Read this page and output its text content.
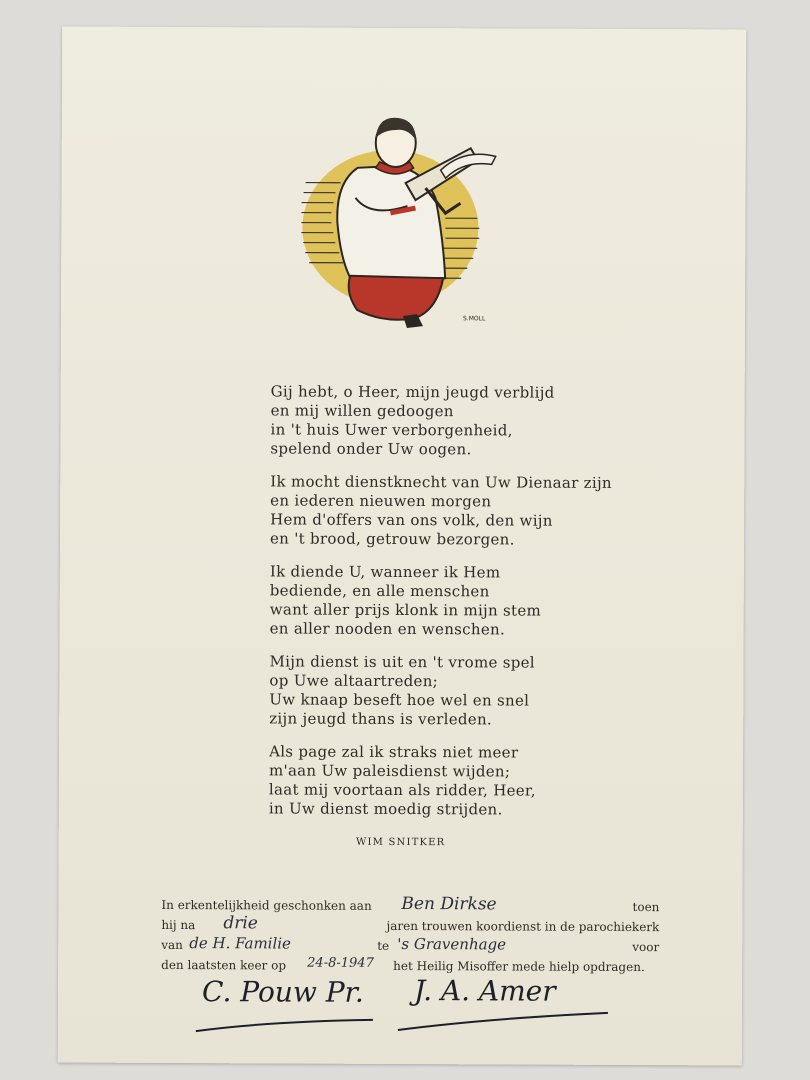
S.MOLL
Gij hebt, o Heer, mijn jeugd verblijd
en mij willen gedoogen
in 't huis Uwer verborgenheid,
spelend onder Uw oogen.
Ik mocht dienstknecht van Uw Dienaar zijn
en iederen nieuwen morgen
Hem d'offers van ons volk, den wijn
en 't brood, getrouw bezorgen.
Ik diende U, wanneer ik Hem
bediende, en alle menschen
want aller prijs klonk in mijn stem
en aller nooden en wenschen.
Mijn dienst is uit en 't vrome spel
op Uwe altaartreden;
Uw knaap beseft hoe wel en snel
zijn jeugd thans is verleden.
Als page zal ik straks niet meer
m'aan Uw paleisdienst wijden;
laat mij voortaan als ridder, Heer,
in Uw dienst moedig strijden.
WIM SNITKER
In erkentelijkheid geschonken aan Ben Dirkse	toen
hij na drie	jaren trouwen koordienst in de parochiekerk
van de H. Familie	te 's Gravenhage	voor
den laatsten keer op 24-8-1947 het Heilig Misoffer mede hielp opdragen.
C. Pouw Pr. J. A. Amer
